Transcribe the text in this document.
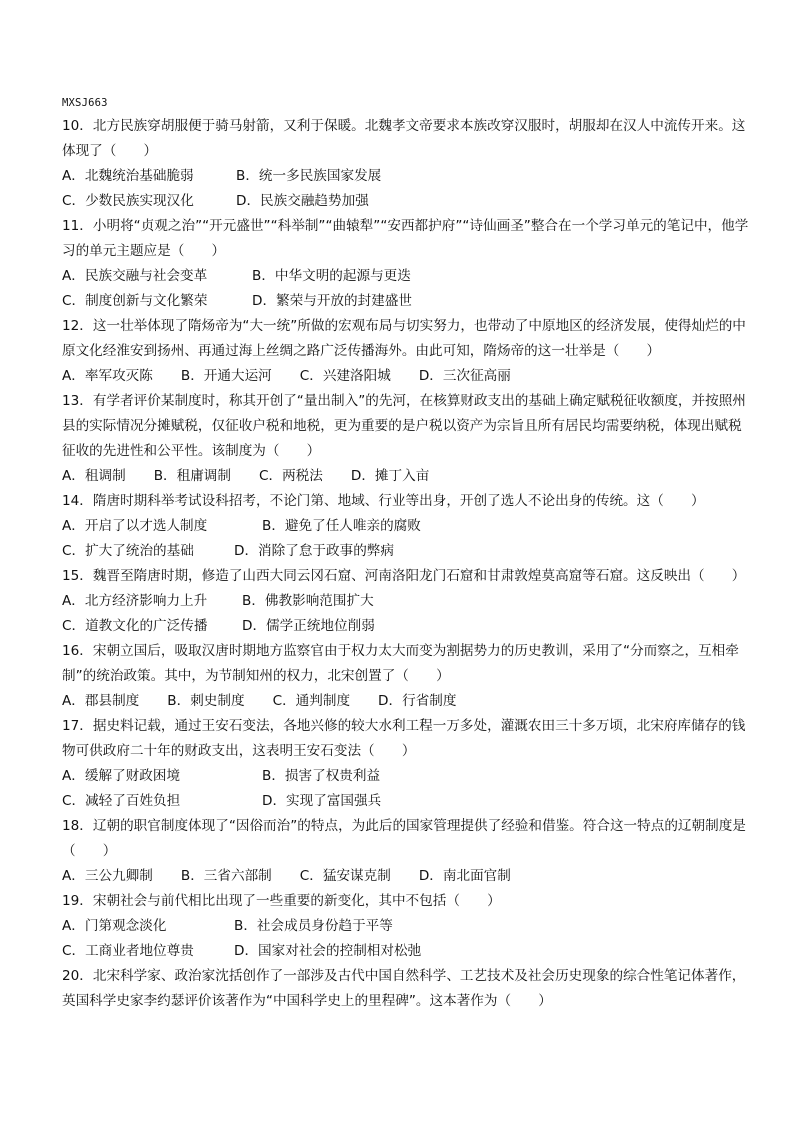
MXSJ663

10．北方民族穿胡服便于骑马射箭，又利于保暖。北魏孝文帝要求本族改穿汉服时，胡服却在汉人中流传开来。这体现了（　　）

A．北魏统治基础脆弱	B．统一多民族国家发展
C．少数民族实现汉化	D．民族交融趋势加强

11．小明将“贞观之治”“开元盛世”“科举制”“曲辕犁”“安西都护府”“诗仙画圣”整合在一个学习单元的笔记中，他学习的单元主题应是（　　）

A．民族交融与社会变革	B．中华文明的起源与更迭
C．制度创新与文化繁荣	D．繁荣与开放的封建盛世

12．这一壮举体现了隋炀帝为“大一统”所做的宏观布局与切实努力，也带动了中原地区的经济发展，使得灿烂的中原文化经淮安到扬州、再通过海上丝绸之路广泛传播海外。由此可知，隋炀帝的这一壮举是（　　）

A．率军攻灭陈 B．开通大运河 C．兴建洛阳城 D．三次征高丽

13．有学者评价某制度时，称其开创了“量出制入”的先河，在核算财政支出的基础上确定赋税征收额度，并按照州县的实际情况分摊赋税，仅征收户税和地税，更为重要的是户税以资产为宗旨且所有居民均需要纳税，体现出赋税征收的先进性和公平性。该制度为（　　）

A．租调制 B．租庸调制 C．两税法 D．摊丁入亩

14．隋唐时期科举考试设科招考，不论门第、地域、行业等出身，开创了选人不论出身的传统。这（　　）

A．开启了以才选人制度	B．避免了任人唯亲的腐败
C．扩大了统治的基础	D．消除了怠于政事的弊病

15．魏晋至隋唐时期，修造了山西大同云冈石窟、河南洛阳龙门石窟和甘肃敦煌莫高窟等石窟。这反映出（　　）

A．北方经济影响力上升	B．佛教影响范围扩大
C．道教文化的广泛传播	D．儒学正统地位削弱

16．宋朝立国后，吸取汉唐时期地方监察官由于权力太大而变为割据势力的历史教训，采用了“分而察之，互相牵制”的统治政策。其中，为节制知州的权力，北宋创置了（　　）

A．郡县制度 B．刺史制度 C．通判制度 D．行省制度

17．据史料记载，通过王安石变法，各地兴修的较大水利工程一万多处，灌溉农田三十多万顷，北宋府库储存的钱物可供政府二十年的财政支出，这表明王安石变法（　　）

A．缓解了财政困境	B．损害了权贵利益
C．减轻了百姓负担	D．实现了富国强兵

18．辽朝的职官制度体现了“因俗而治”的特点，为此后的国家管理提供了经验和借鉴。符合这一特点的辽朝制度是（　　）

A．三公九卿制 B．三省六部制 C．猛安谋克制 D．南北面官制

19．宋朝社会与前代相比出现了一些重要的新变化，其中不包括（　　）

A．门第观念淡化	B．社会成员身份趋于平等
C．工商业者地位尊贵	D．国家对社会的控制相对松弛

20．北宋科学家、政治家沈括创作了一部涉及古代中国自然科学、工艺技术及社会历史现象的综合性笔记体著作，英国科学史家李约瑟评价该著作为“中国科学史上的里程碑”。这本著作为（　　）
